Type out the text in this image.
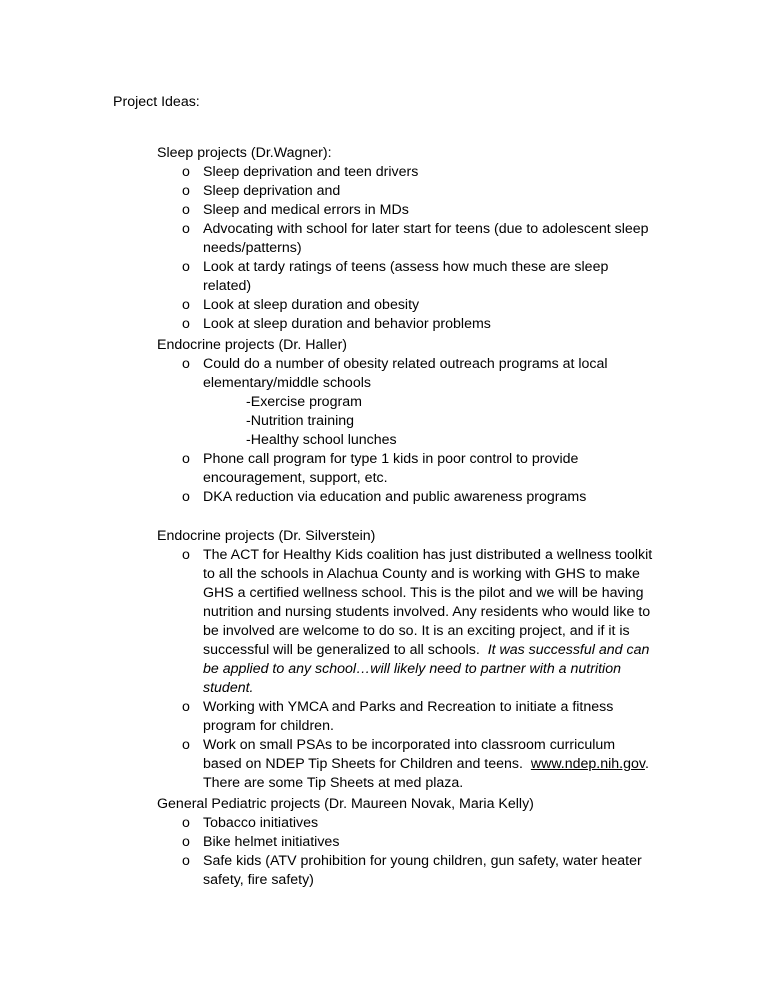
Project Ideas:
Sleep projects (Dr.Wagner):
o Sleep deprivation and teen drivers
o Sleep deprivation and
o Sleep and medical errors in MDs
o Advocating with school for later start for teens (due to adolescent sleep needs/patterns)
o Look at tardy ratings of teens (assess how much these are sleep related)
o Look at sleep duration and obesity
o Look at sleep duration and behavior problems
Endocrine projects (Dr. Haller)
o Could do a number of obesity related outreach programs at local elementary/middle schools
-Exercise program
-Nutrition training
-Healthy school lunches
o Phone call program for type 1 kids in poor control to provide encouragement, support, etc.
o DKA reduction via education and public awareness programs
Endocrine projects (Dr. Silverstein)
o The ACT for Healthy Kids coalition has just distributed a wellness toolkit to all the schools in Alachua County and is working with GHS to make GHS a certified wellness school. This is the pilot and we will be having nutrition and nursing students involved. Any residents who would like to be involved are welcome to do so. It is an exciting project, and if it is successful will be generalized to all schools. It was successful and can be applied to any school…will likely need to partner with a nutrition student.
o Working with YMCA and Parks and Recreation to initiate a fitness program for children.
o Work on small PSAs to be incorporated into classroom curriculum based on NDEP Tip Sheets for Children and teens. www.ndep.nih.gov.
There are some Tip Sheets at med plaza.
General Pediatric projects (Dr. Maureen Novak, Maria Kelly)
o Tobacco initiatives
o Bike helmet initiatives
o Safe kids (ATV prohibition for young children, gun safety, water heater safety, fire safety)
